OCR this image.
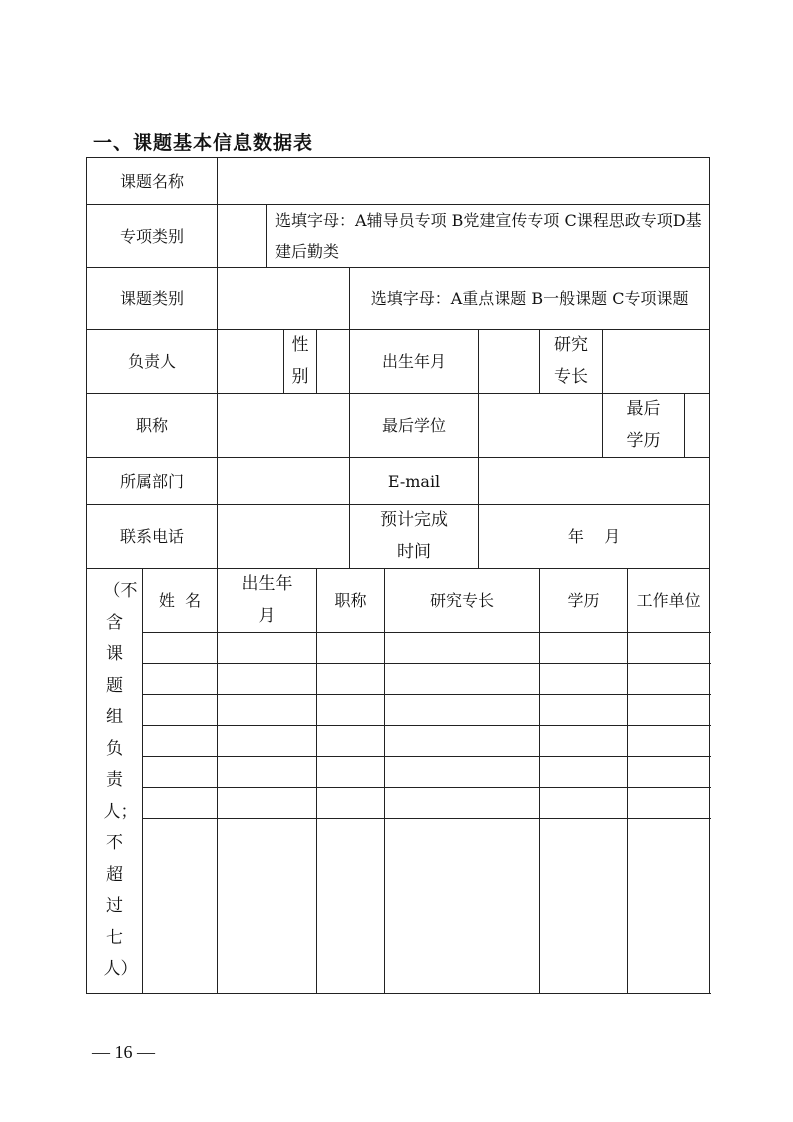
一、课题基本信息数据表
课题名称												
专项类别			选填字母：A辅导员专项 B党建宣传专项 C课程思政专项D基建后勤类									

课题类别						选填字母：A重点课题 B一般课题 C专项课题						

负责人				性别		出生年月			研究专长			

职称						最后学位				最后学历		

所属部门						E-mail						
联系电话						预计完成时间		年    月				

（不含课题组负责人；不超过七人）	姓  名	出生年月			职称		研究专长		学历		工作单位	

— 16 —
